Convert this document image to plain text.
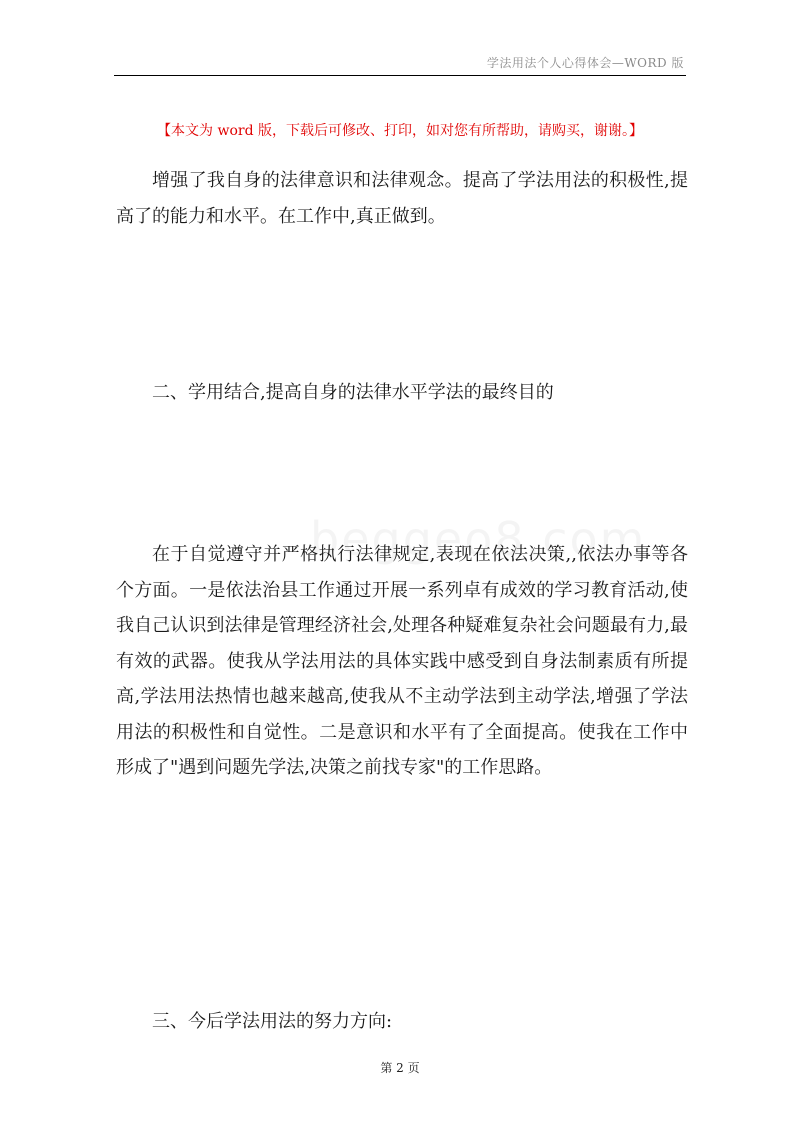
学法用法个人心得体会—WORD 版
【本文为 word 版，下载后可修改、打印，如对您有所帮助，请购买，谢谢。】

增强了我自身的法律意识和法律观念。提高了学法用法的积极性,提高了的能力和水平。在工作中,真正做到。

二、学用结合,提高自身的法律水平学法的最终目的

在于自觉遵守并严格执行法律规定,表现在依法决策,,依法办事等各个方面。一是依法治县工作通过开展一系列卓有成效的学习教育活动,使我自己认识到法律是管理经济社会,处理各种疑难复杂社会问题最有力,最有效的武器。使我从学法用法的具体实践中感受到自身法制素质有所提高,学法用法热情也越来越高,使我从不主动学法到主动学法,增强了学法用法的积极性和自觉性。二是意识和水平有了全面提高。使我在工作中形成了"遇到问题先学法,决策之前找专家"的工作思路。

三、今后学法用法的努力方向:

第 2 页
